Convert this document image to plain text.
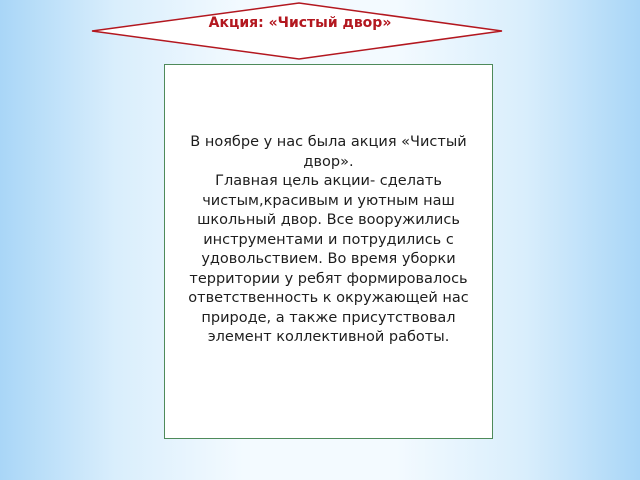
Акция: «Чистый двор»
В ноябре у нас была акция «Чистый двор».
Главная цель акции- сделать чистым,красивым и уютным наш школьный двор. Все вооружились инструментами и потрудились с удовольствием. Во время уборки территории у ребят формировалось ответственность к окружающей нас природе, а также присутствовал элемент коллективной работы.
